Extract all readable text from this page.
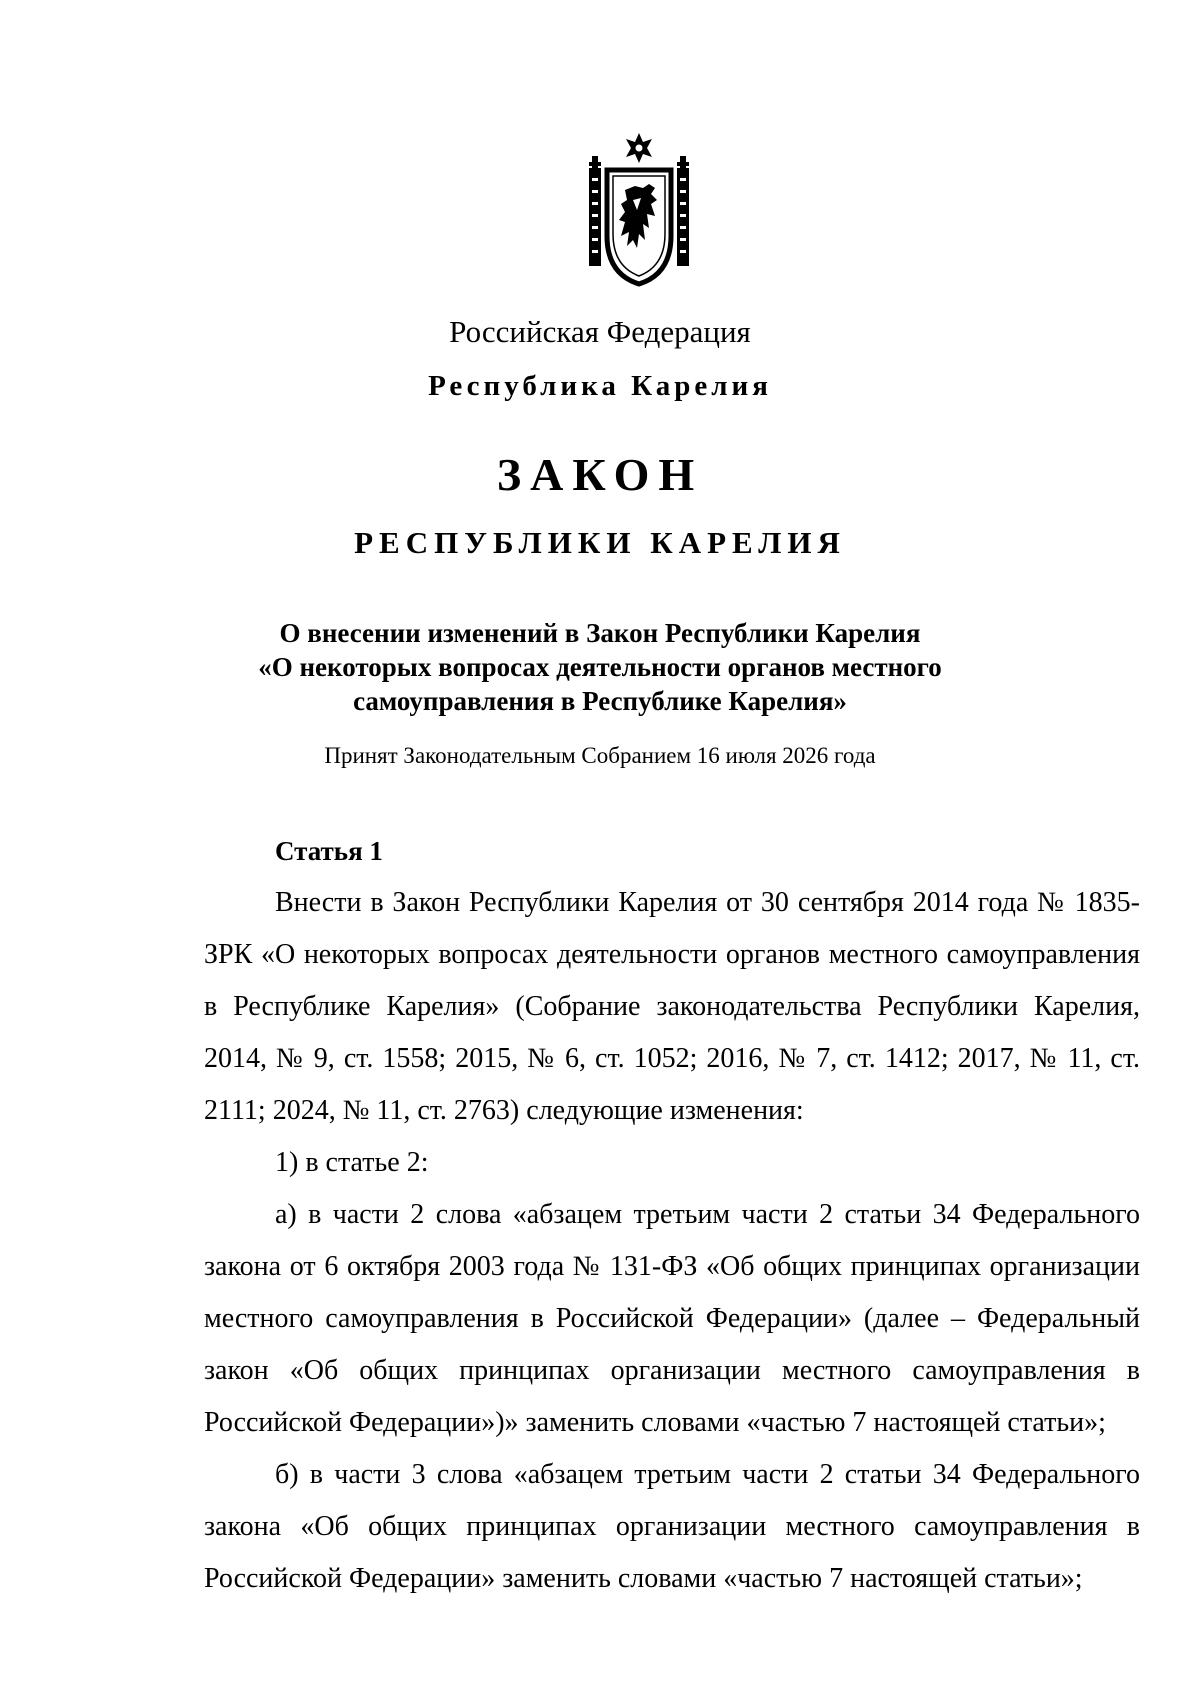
Российская Федерация
Республика Карелия
ЗАКОН
РЕСПУБЛИКИ КАРЕЛИЯ
О внесении изменений в Закон Республики Карелия
«О некоторых вопросах деятельности органов местного
самоуправления в Республике Карелия»
Принят Законодательным Собранием 16 июля 2026 года
Статья 1

Внести в Закон Республики Карелия от 30 сентября 2014 года № 1835-ЗРК «О некоторых вопросах деятельности органов местного самоуправления в Республике Карелия» (Собрание законодательства Республики Карелия, 2014, № 9, ст. 1558; 2015, № 6, ст. 1052; 2016, № 7, ст. 1412; 2017, № 11, ст. 2111; 2024, № 11, ст. 2763) следующие изменения:

1) в статье 2:

а) в части 2 слова «абзацем третьим части 2 статьи 34 Федерального закона от 6 октября 2003 года № 131-ФЗ «Об общих принципах организации местного самоуправления в Российской Федерации» (далее – Федеральный закон «Об общих принципах организации местного самоуправления в Российской Федерации»)» заменить словами «частью 7 настоящей статьи»;

б) в части 3 слова «абзацем третьим части 2 статьи 34 Федерального закона «Об общих принципах организации местного самоуправления в Российской Федерации» заменить словами «частью 7 настоящей статьи»;
